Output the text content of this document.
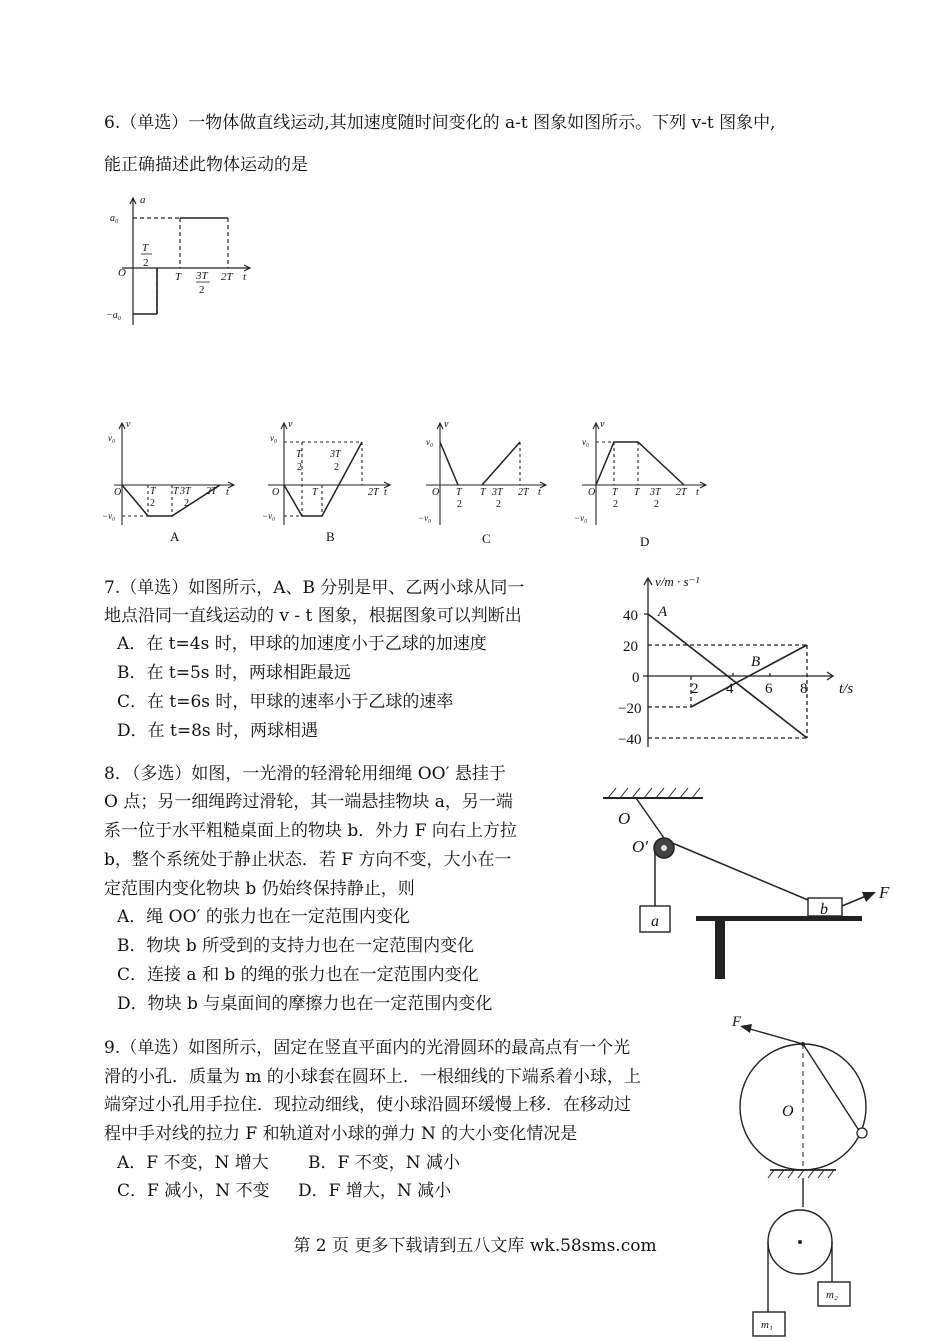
6.（单选）一物体做直线运动,其加速度随时间变化的 a-t 图象如图所示。下列 v-t 图象中,
能正确描述此物体运动的是
a
a₀
−a₀
O
T
2
T 3T
2
2T t
v
v₀
−v₀
O	T
2
T 3T
2
2T t
A
v
v₀
−v₀
O
T
2
3T
2
T	2T t
B
v
v₀
−v₀
O T
2
T 3T
2
2T t
C
v
v₀
−v₀
O T
2
T 3T
2
2T t
D
7.（单选）如图所示，A、B 分别是甲、乙两小球从同一
地点沿同一直线运动的 v - t 图象，根据图象可以判断出
A．在 t=4s 时，甲球的加速度小于乙球的加速度
B．在 t=5s 时，两球相距最远
C．在 t=6s 时，甲球的速率小于乙球的速率
D．在 t=8s 时，两球相遇
v/m · s⁻¹
A
B
40
20
0
−20
−40
2 4 6 8 t/s
8．（多选）如图，一光滑的轻滑轮用细绳 OO′ 悬挂于
O 点；另一细绳跨过滑轮，其一端悬挂物块 a，另一端
系一位于水平粗糙桌面上的物块 b．外力 F 向右上方拉
b，整个系统处于静止状态．若 F 方向不变，大小在一
定范围内变化物块 b 仍始终保持静止，则
A．绳 OO′ 的张力也在一定范围内变化
B．物块 b 所受到的支持力也在一定范围内变化
C．连接 a 和 b 的绳的张力也在一定范围内变化
D．物块 b 与桌面间的摩擦力也在一定范围内变化
O
O′
a
b
F
9.（单选）如图所示，固定在竖直平面内的光滑圆环的最高点有一个光
滑的小孔．质量为 m 的小球套在圆环上．一根细线的下端系着小球，上
端穿过小孔用手拉住．现拉动细线，使小球沿圆环缓慢上移．在移动过
程中手对线的拉力 F 和轨道对小球的弹力 N 的大小变化情况是
A．F 不变，N 增大 B．F 不变，N 减小
C．F 减小，N 不变 D．F 增大，N 减小
F
O
m₁
m₂
第 2 页 更多下载请到五八文库 wk.58sms.com
